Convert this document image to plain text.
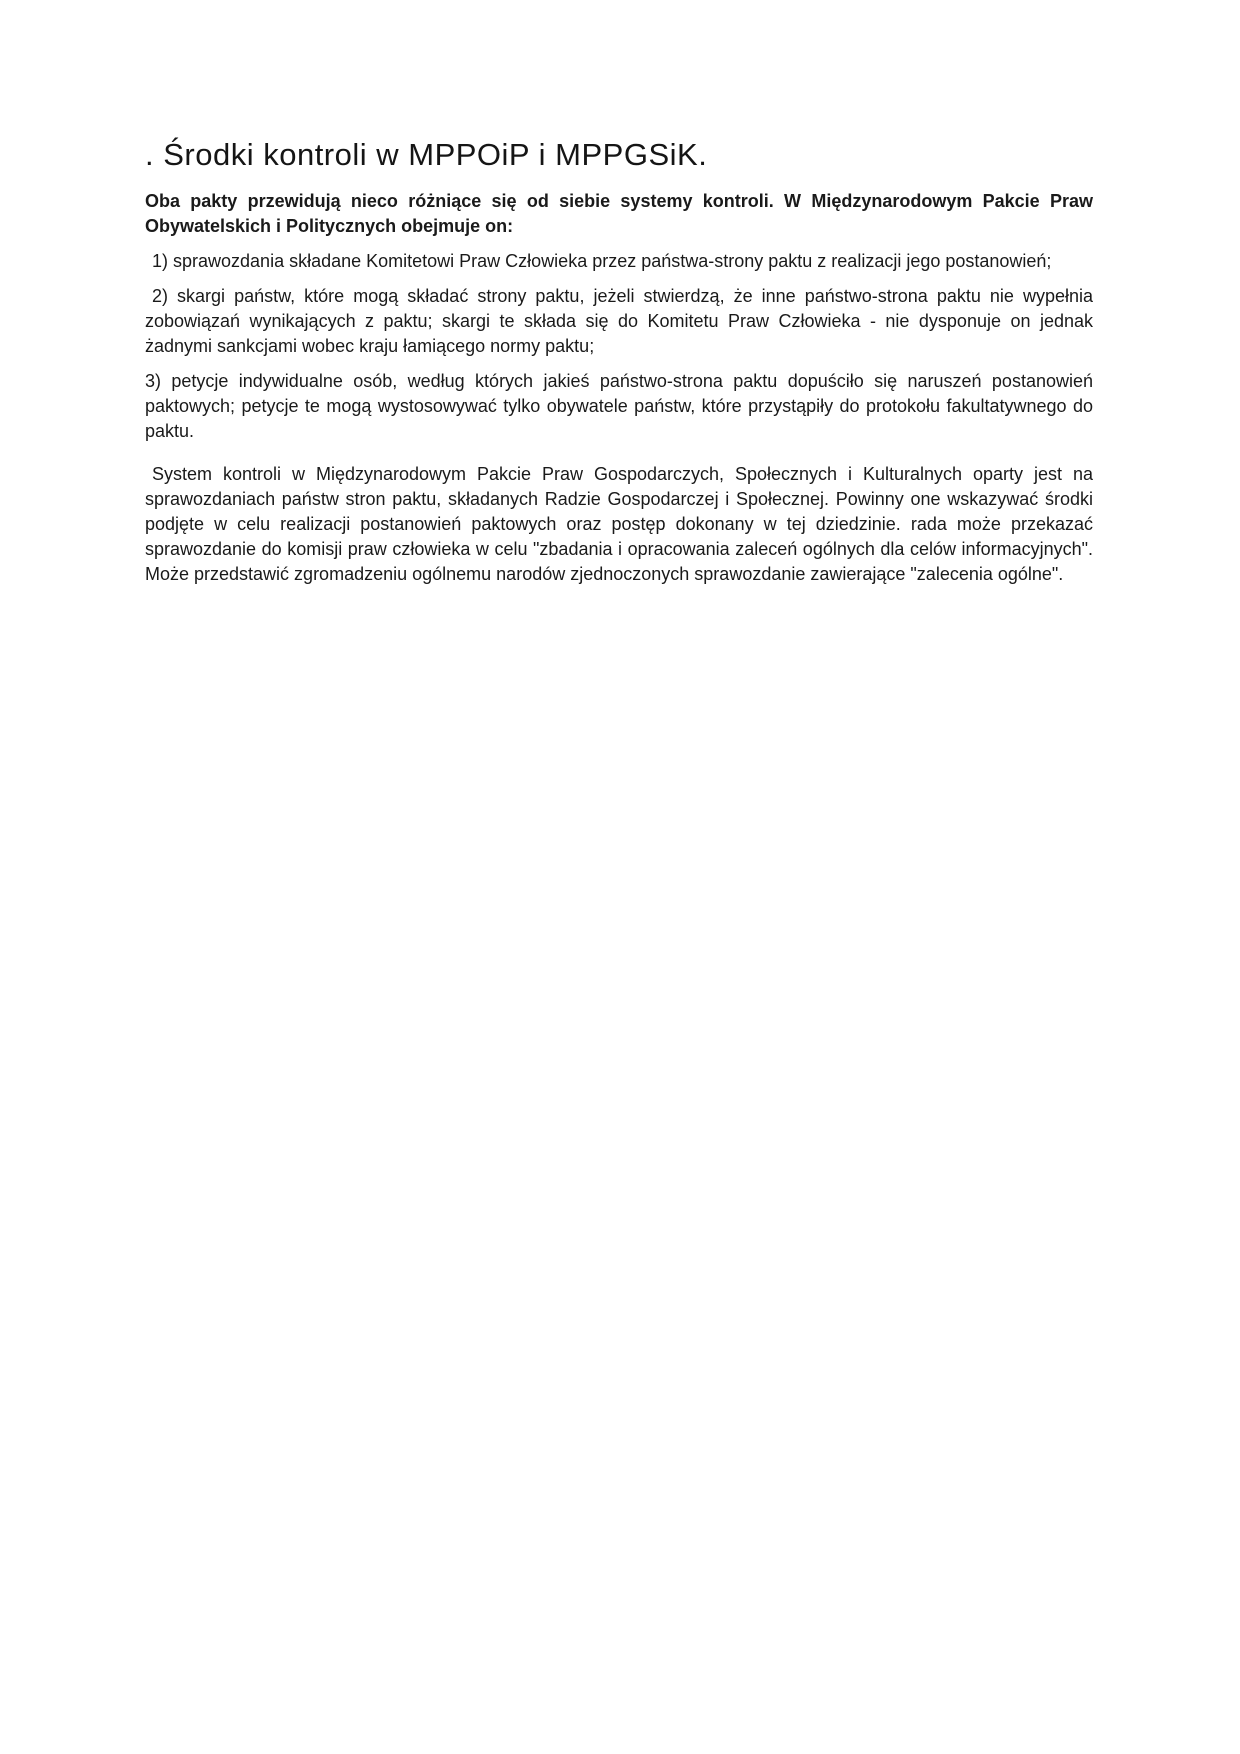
. Środki kontroli w MPPOiP i MPPGSiK.

Oba pakty przewidują nieco różniące się od siebie systemy kontroli. W Międzynarodowym Pakcie Praw Obywatelskich i Politycznych obejmuje on:

1) sprawozdania składane Komitetowi Praw Człowieka przez państwa-strony paktu z realizacji jego postanowień;

2) skargi państw, które mogą składać strony paktu, jeżeli stwierdzą, że inne państwo-strona paktu nie wypełnia zobowiązań wynikających z paktu; skargi te składa się do Komitetu Praw Człowieka - nie dysponuje on jednak żadnymi sankcjami wobec kraju łamiącego normy paktu;

3) petycje indywidualne osób, według których jakieś państwo-strona paktu dopuściło się naruszeń postanowień paktowych; petycje te mogą wystosowywać tylko obywatele państw, które przystąpiły do protokołu fakultatywnego do paktu.

System kontroli w Międzynarodowym Pakcie Praw Gospodarczych, Społecznych i Kulturalnych oparty jest na sprawozdaniach państw stron paktu, składanych Radzie Gospodarczej i Społecznej. Powinny one wskazywać środki podjęte w celu realizacji postanowień paktowych oraz postęp dokonany w tej dziedzinie. rada może przekazać sprawozdanie do komisji praw człowieka w celu "zbadania i opracowania zaleceń ogólnych dla celów informacyjnych". Może przedstawić zgromadzeniu ogólnemu narodów zjednoczonych sprawozdanie zawierające "zalecenia ogólne".
